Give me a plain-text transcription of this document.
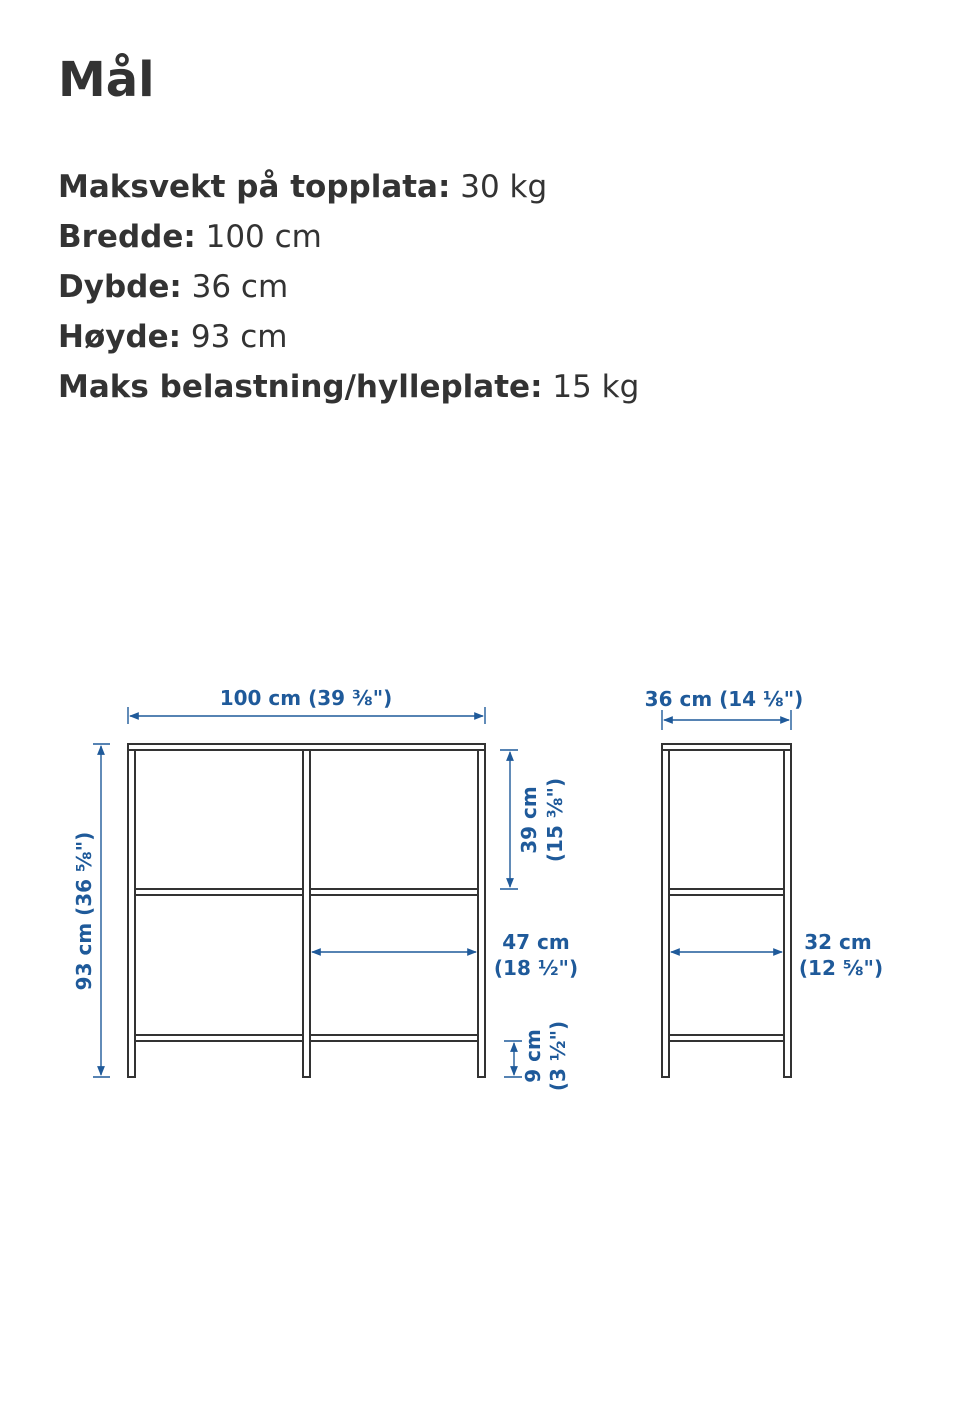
Mål
Maksvekt på topplata: 30 kg
Bredde: 100 cm
Dybde: 36 cm
Høyde: 93 cm
Maks belastning/hylleplate: 15 kg
100 cm (39 ⅜")
93 cm (36 ⅝")
39 cm (15 ⅜")
47 cm
(18 ½")
9 cm (3 ½")
36 cm (14 ⅛")
32 cm
(12 ⅝")
